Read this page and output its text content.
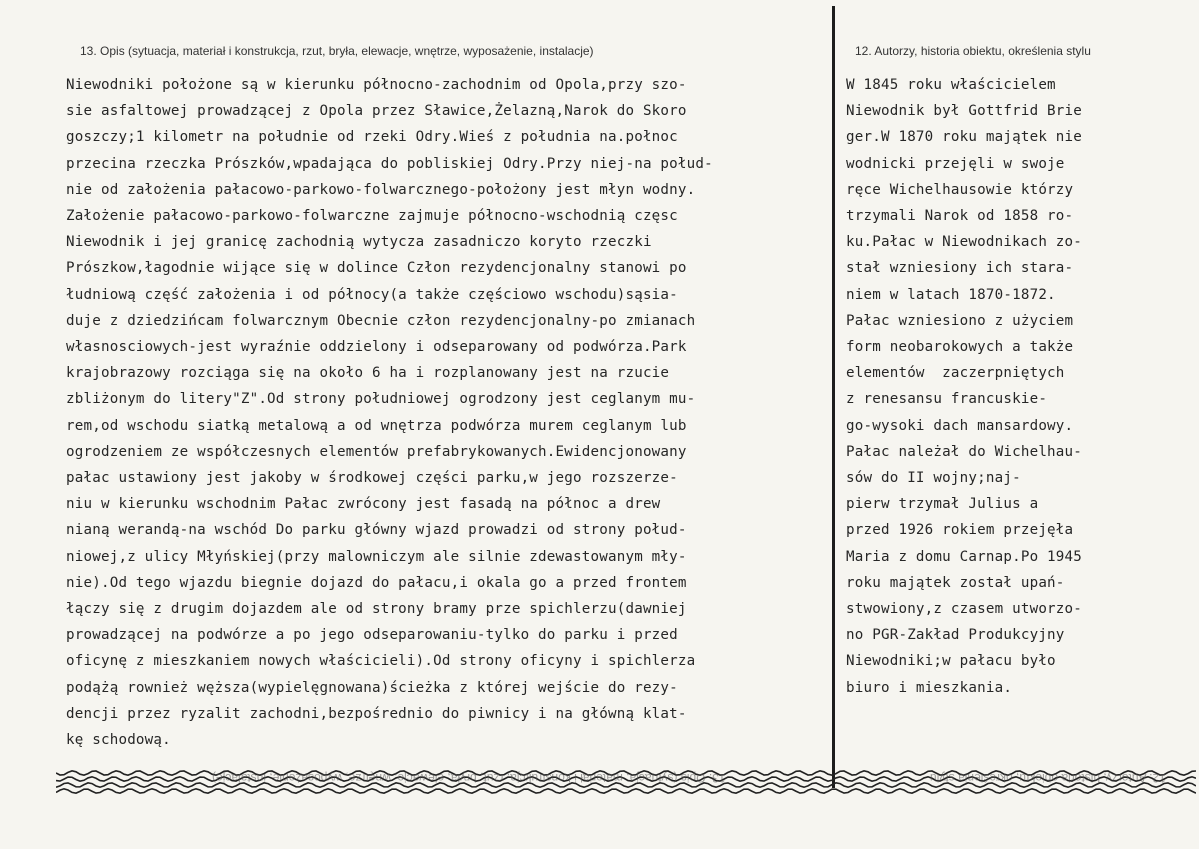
13. Opis (sytuacja, materiał i konstrukcja, rzut, bryła, elewacje, wnętrze, wyposażenie, instalacje)	12. Autorzy, historia obiektu, określenia stylu
Niewodniki położone są w kierunku północno-zachodnim od Opola,przy szo-
sie asfaltowej prowadzącej z Opola przez Sławice,Żelazną,Narok do Skoro
goszczy;1 kilometr na południe od rzeki Odry.Wieś z południa na.połnoc
przecina rzeczka Prószków,wpadająca do pobliskiej Odry.Przy niej-na połud-
nie od założenia pałacowo-parkowo-folwarcznego-położony jest młyn wodny.
Założenie pałacowo-parkowo-folwarczne zajmuje północno-wschodnią częsc
Niewodnik i jej granicę zachodnią wytycza zasadniczo koryto rzeczki
Prószkow,łagodnie wijące się w dolince Człon rezydencjonalny stanowi po
łudniową część założenia i od północy(a także częściowo wschodu)sąsia-
duje z dziedzińcam folwarcznym Obecnie człon rezydencjonalny-po zmianach
własnosciowych-jest wyraźnie oddzielony i odseparowany od podwórza.Park
krajobrazowy rozciąga się na około 6 ha i rozplanowany jest na rzucie
zbliżonym do litery"Z".Od strony południowej ogrodzony jest ceglanym mu-
rem,od wschodu siatką metalową a od wnętrza podwórza murem ceglanym lub
ogrodzeniem ze współczesnych elementów prefabrykowanych.Ewidencjonowany
pałac ustawiony jest jakoby w środkowej części parku,w jego rozszerze-
niu w kierunku wschodnim Pałac zwrócony jest fasadą na północ a drew
nianą werandą-na wschód Do parku główny wjazd prowadzi od strony połud-
niowej,z ulicy Młyńskiej(przy malowniczym ale silnie zdewastowanym mły-
nie).Od tego wjazdu biegnie dojazd do pałacu,i okala go a przed frontem
łączy się z drugim dojazdem ale od strony bramy prze spichlerzu(dawniej
prowadzącej na podwórze a po jego odseparowaniu-tylko do parku i przed
oficynę z mieszkaniem nowych właścicieli).Od strony oficyny i spichlerza
podążą rownież węższa(wypielęgnowana)ścieżka z której wejście do rezy-
dencji przez ryzalit zachodni,bezpośrednio do piwnicy i na główną klat-
kę schodową.
W 1845 roku właścicielem
Niewodnik był Gottfrid Brie
ger.W 1870 roku majątek nie
wodnicki przejęli w swoje
ręce Wichelhausowie którzy
trzymali Narok od 1858 ro-
ku.Pałac w Niewodnikach zo-
stał wzniesiony ich stara-
niem w latach 1870-1872.
Pałac wzniesiono z użyciem
form neobarokowych a także
elementów  zaczerpniętych
z renesansu francuskie-
go-wysoki dach mansardowy.
Pałac należał do Wichelhau-
sów do II wojny;naj-
pierw trzymał Julius a
przed 1926 rokiem przejęła
Maria z domu Carnap.Po 1945
roku majątek został upań-
stwowiony,z czasem utworzo-
no PGR-Zakład Produkcyjny
Niewodniki;w pałacu było
biuro i mieszkania.
13. Opis (sytuacja, materiał i konstrukcja, rzut, bryła, elewacje, wnętrze, wyposażenie, instalacje)	12. Autorzy, historia obiektu, określenia stylu
